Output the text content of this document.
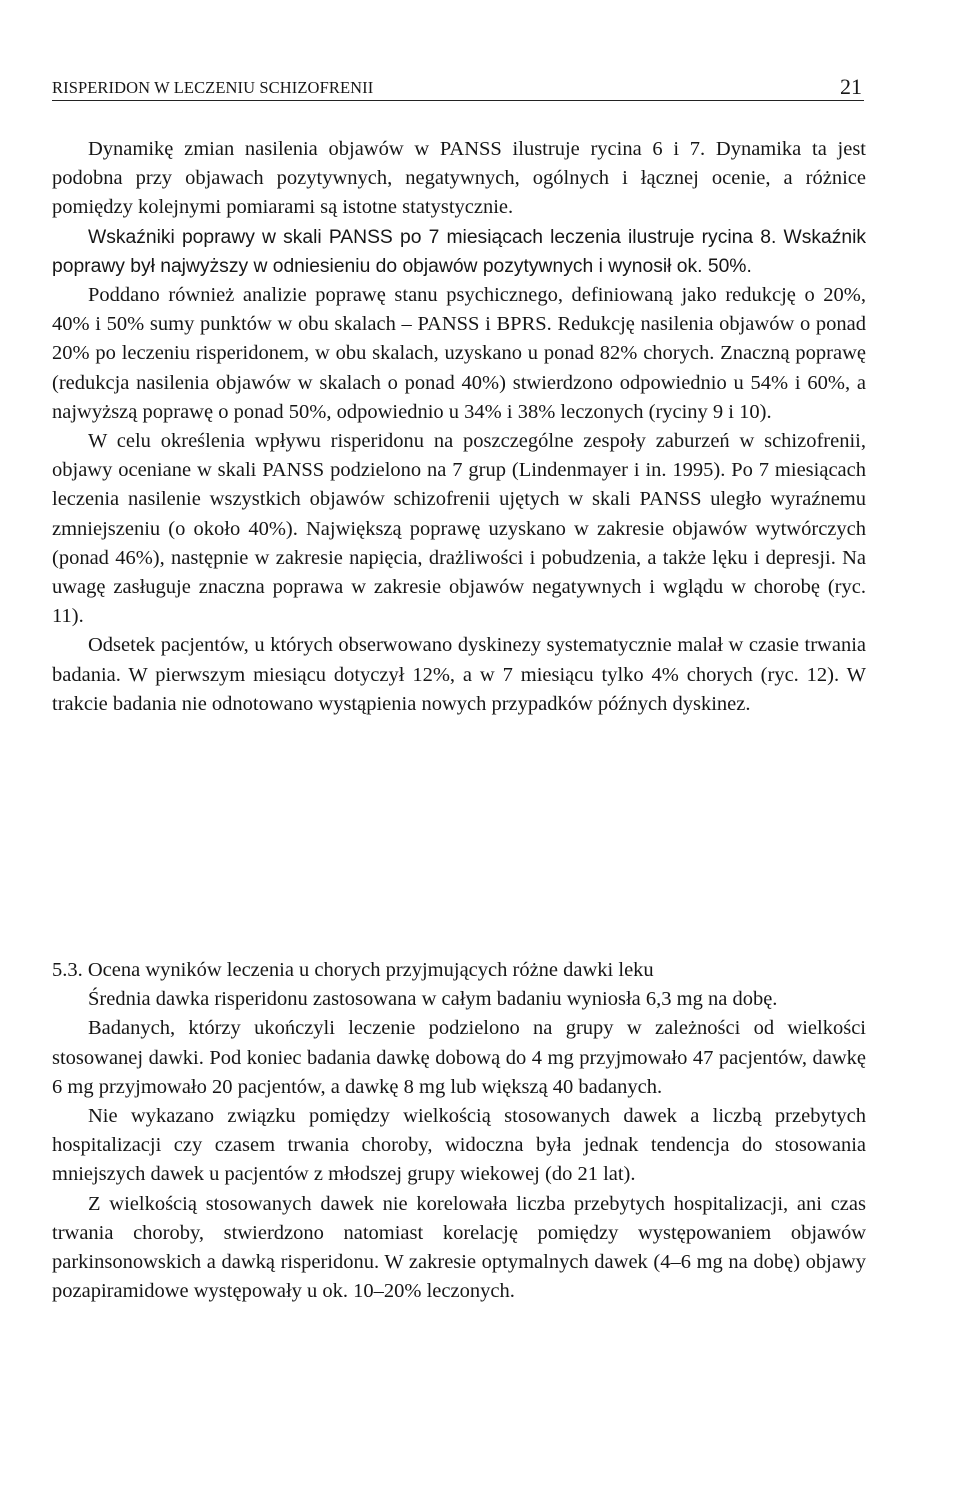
RISPERIDON W LECZENIU SCHIZOFRENII	21

Dynamikę zmian nasilenia objawów w PANSS ilustruje rycina 6 i 7. Dynamika ta jest podobna przy objawach pozytywnych, negatywnych, ogólnych i łącznej ocenie, a różnice pomiędzy kolejnymi pomiarami są istotne statystycznie.

Wskaźniki poprawy w skali PANSS po 7 miesiącach leczenia ilustruje rycina 8. Wskaźnik poprawy był najwyższy w odniesieniu do objawów pozytywnych i wynosił ok. 50%.

Poddano również analizie poprawę stanu psychicznego, definiowaną jako redukcję o 20%, 40% i 50% sumy punktów w obu skalach – PANSS i BPRS. Redukcję nasilenia objawów o ponad 20% po leczeniu risperidonem, w obu skalach, uzyskano u ponad 82% chorych. Znaczną poprawę (redukcja nasilenia objawów w skalach o ponad 40%) stwierdzono odpowiednio u 54% i 60%, a najwyższą poprawę o ponad 50%, odpowiednio u 34% i 38% leczonych (ryciny 9 i 10).

W celu określenia wpływu risperidonu na poszczególne zespoły zaburzeń w schizofrenii, objawy oceniane w skali PANSS podzielono na 7 grup (Lindenmayer i in. 1995). Po 7 miesiącach leczenia nasilenie wszystkich objawów schizofrenii ujętych w skali PANSS uległo wyraźnemu zmniejszeniu (o około 40%). Największą poprawę uzyskano w zakresie objawów wytwórczych (ponad 46%), następnie w zakresie napięcia, drażliwości i pobudzenia, a także lęku i depresji. Na uwagę zasługuje znaczna poprawa w zakresie objawów negatywnych i wglądu w chorobę (ryc. 11).

Odsetek pacjentów, u których obserwowano dyskinezy systematycznie malał w czasie trwania badania. W pierwszym miesiącu dotyczył 12%, a w 7 miesiącu tylko 4% chorych (ryc. 12). W trakcie badania nie odnotowano wystąpienia nowych przypadków późnych dyskinez.

5.3. Ocena wyników leczenia u chorych przyjmujących różne dawki leku

Średnia dawka risperidonu zastosowana w całym badaniu wyniosła 6,3 mg na dobę.

Badanych, którzy ukończyli leczenie podzielono na grupy w zależności od wielkości stosowanej dawki. Pod koniec badania dawkę dobową do 4 mg przyjmowało 47 pacjentów, dawkę 6 mg przyjmowało 20 pacjentów, a dawkę 8 mg lub większą 40 badanych.

Nie wykazano związku pomiędzy wielkością stosowanych dawek a liczbą przebytych hospitalizacji czy czasem trwania choroby, widoczna była jednak tendencja do stosowania mniejszych dawek u pacjentów z młodszej grupy wiekowej (do 21 lat).

Z wielkością stosowanych dawek nie korelowała liczba przebytych hospitalizacji, ani czas trwania choroby, stwierdzono natomiast korelację pomiędzy występowaniem objawów parkinsonowskich a dawką risperidonu. W zakresie optymalnych dawek (4–6 mg na dobę) objawy pozapiramidowe występowały u ok. 10–20% leczonych.
